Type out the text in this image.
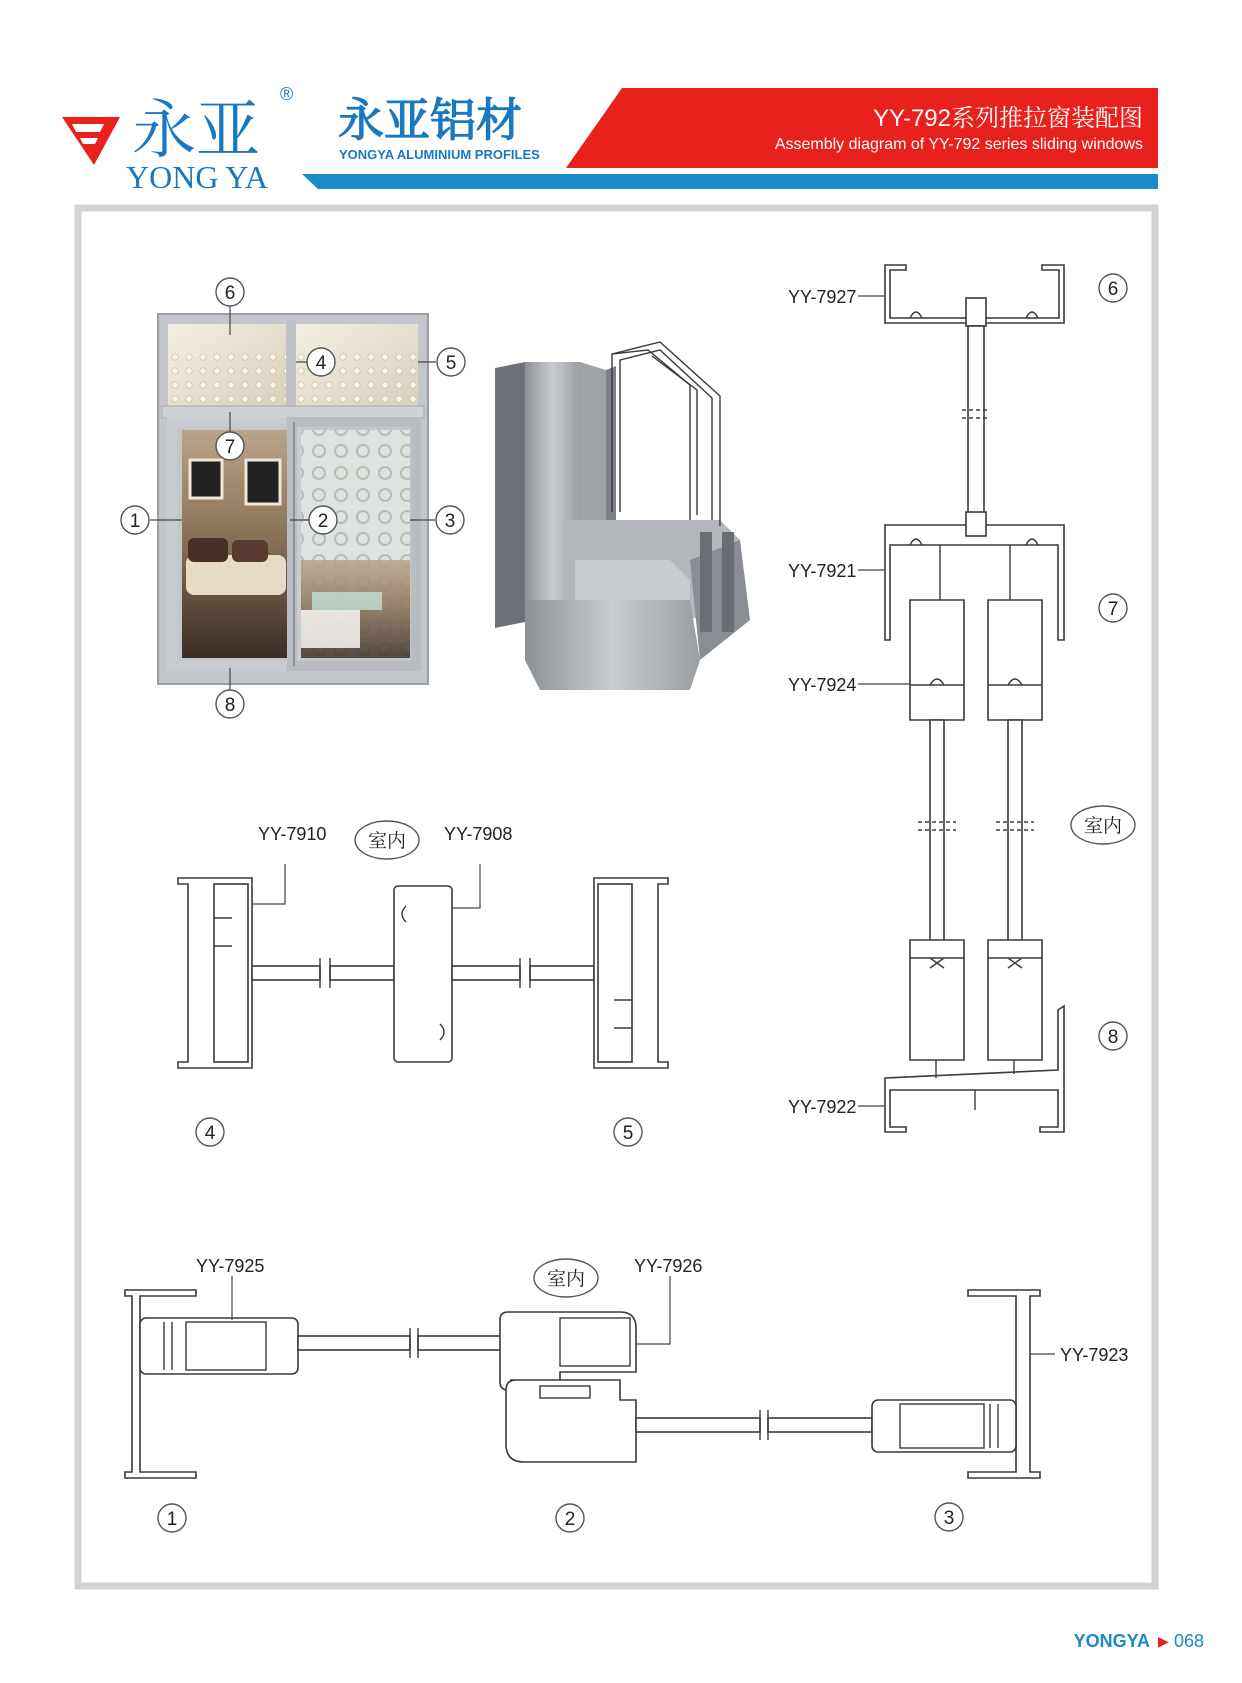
永亚 ®
YONG YA
永亚铝材
YONGYA ALUMINIUM PROFILES
YY-792系列推拉窗装配图
Assembly diagram of YY-792 series sliding windows
6
4	5
7
1	2	3
8
YY-7927
YY-7921
YY-7924
YY-7922
6
7
8
室内
YY-7910	YY-7908
室内
4	5
YY-7925	YY-7926
YY-7923
室内
1	2	3
YONGYA ▶ 068
